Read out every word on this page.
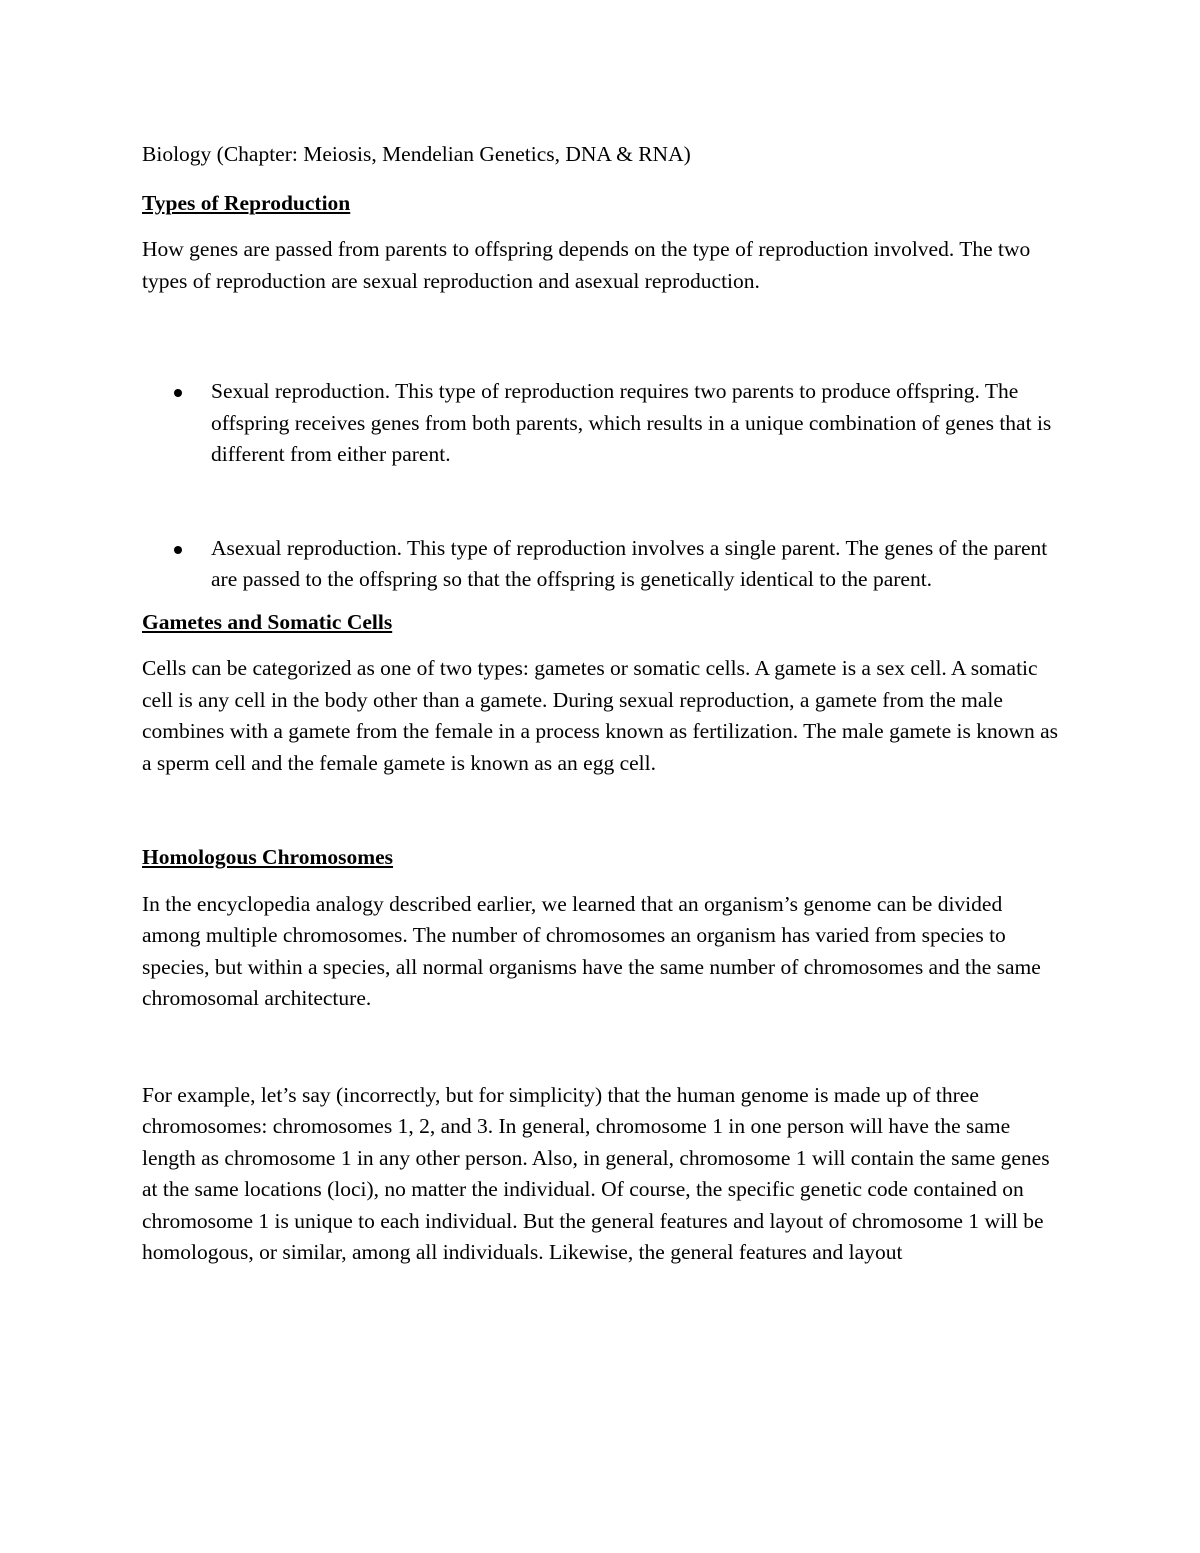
Biology (Chapter: Meiosis, Mendelian Genetics, DNA & RNA)

Types of Reproduction

How genes are passed from parents to offspring depends on the type of reproduction involved. The two types of reproduction are sexual reproduction and asexual reproduction.

Sexual reproduction. This type of reproduction requires two parents to produce offspring. The offspring receives genes from both parents, which results in a unique combination of genes that is different from either parent.
Asexual reproduction. This type of reproduction involves a single parent. The genes of the parent are passed to the offspring so that the offspring is genetically identical to the parent.

Gametes and Somatic Cells

Cells can be categorized as one of two types: gametes or somatic cells. A gamete is a sex cell. A somatic cell is any cell in the body other than a gamete. During sexual reproduction, a gamete from the male combines with a gamete from the female in a process known as fertilization. The male gamete is known as a sperm cell and the female gamete is known as an egg cell.

Homologous Chromosomes

In the encyclopedia analogy described earlier, we learned that an organism’s genome can be divided among multiple chromosomes. The number of chromosomes an organism has varied from species to species, but within a species, all normal organisms have the same number of chromosomes and the same chromosomal architecture.

For example, let’s say (incorrectly, but for simplicity) that the human genome is made up of three chromosomes: chromosomes 1, 2, and 3. In general, chromosome 1 in one person will have the same length as chromosome 1 in any other person. Also, in general, chromosome 1 will contain the same genes at the same locations (loci), no matter the individual. Of course, the specific genetic code contained on chromosome 1 is unique to each individual. But the general features and layout of chromosome 1 will be homologous, or similar, among all individuals. Likewise, the general features and layout
